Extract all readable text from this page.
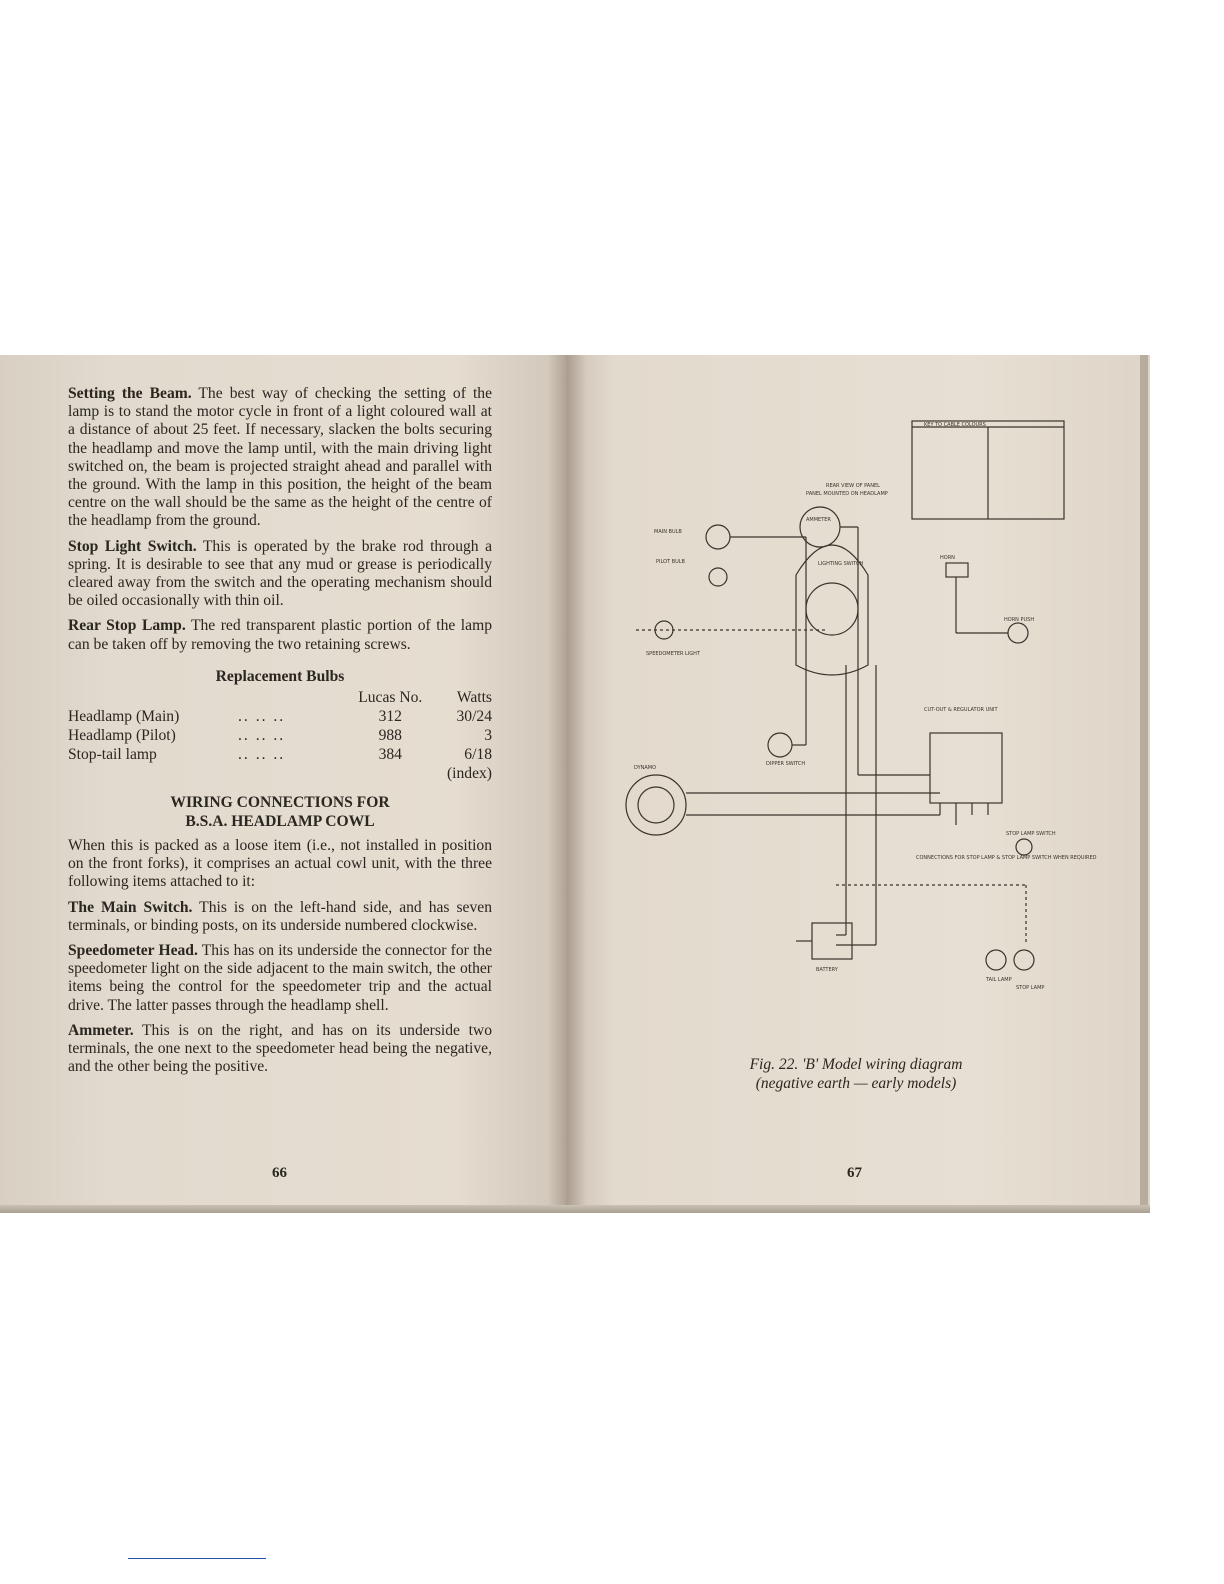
Setting the Beam. The best way of checking the setting of the lamp is to stand the motor cycle in front of a light coloured wall at a distance of about 25 feet. If necessary, slacken the bolts securing the headlamp and move the lamp until, with the main driving light switched on, the beam is projected straight ahead and parallel with the ground. With the lamp in this position, the height of the beam centre on the wall should be the same as the height of the centre of the headlamp from the ground.

Stop Light Switch. This is operated by the brake rod through a spring. It is desirable to see that any mud or grease is periodically cleared away from the switch and the operating mechanism should be oiled occasionally with thin oil.

Rear Stop Lamp. The red transparent plastic portion of the lamp can be taken off by removing the two retaining screws.

Replacement Bulbs
		Lucas No.	Watts
Headlamp (Main)	.. .. ..	312	30/24
Headlamp (Pilot)	.. .. ..	988	3
Stop-tail lamp	.. .. ..	384	6/18
			(index)
WIRING CONNECTIONS FOR
B.S.A. HEADLAMP COWL

When this is packed as a loose item (i.e., not installed in position on the front forks), it comprises an actual cowl unit, with the three following items attached to it:

The Main Switch. This is on the left-hand side, and has seven terminals, or binding posts, on its underside numbered clockwise.

Speedometer Head. This has on its underside the connector for the speedometer light on the side adjacent to the main switch, the other items being the control for the speedometer trip and the actual drive. The latter passes through the headlamp shell.

Ammeter. This is on the right, and has on its underside two terminals, the one next to the speedometer head being the negative, and the other being the positive.

66
KEY TO CABLE COLOURS
REAR VIEW OF PANEL
PANEL MOUNTED ON HEADLAMP
AMMETER
MAIN BULB
PILOT BULB	LIGHTING SWITCH
HORN
HORN PUSH
SPEEDOMETER LIGHT
DIPPER SWITCH
DYNAMO
CUT-OUT & REGULATOR UNIT
BATTERY
TAIL LAMP
STOP LAMP
STOP LAMP SWITCH
CONNECTIONS FOR STOP LAMP & STOP LAMP SWITCH WHEN REQUIRED
Fig. 22. 'B' Model wiring diagram
(negative earth — early models)
67
